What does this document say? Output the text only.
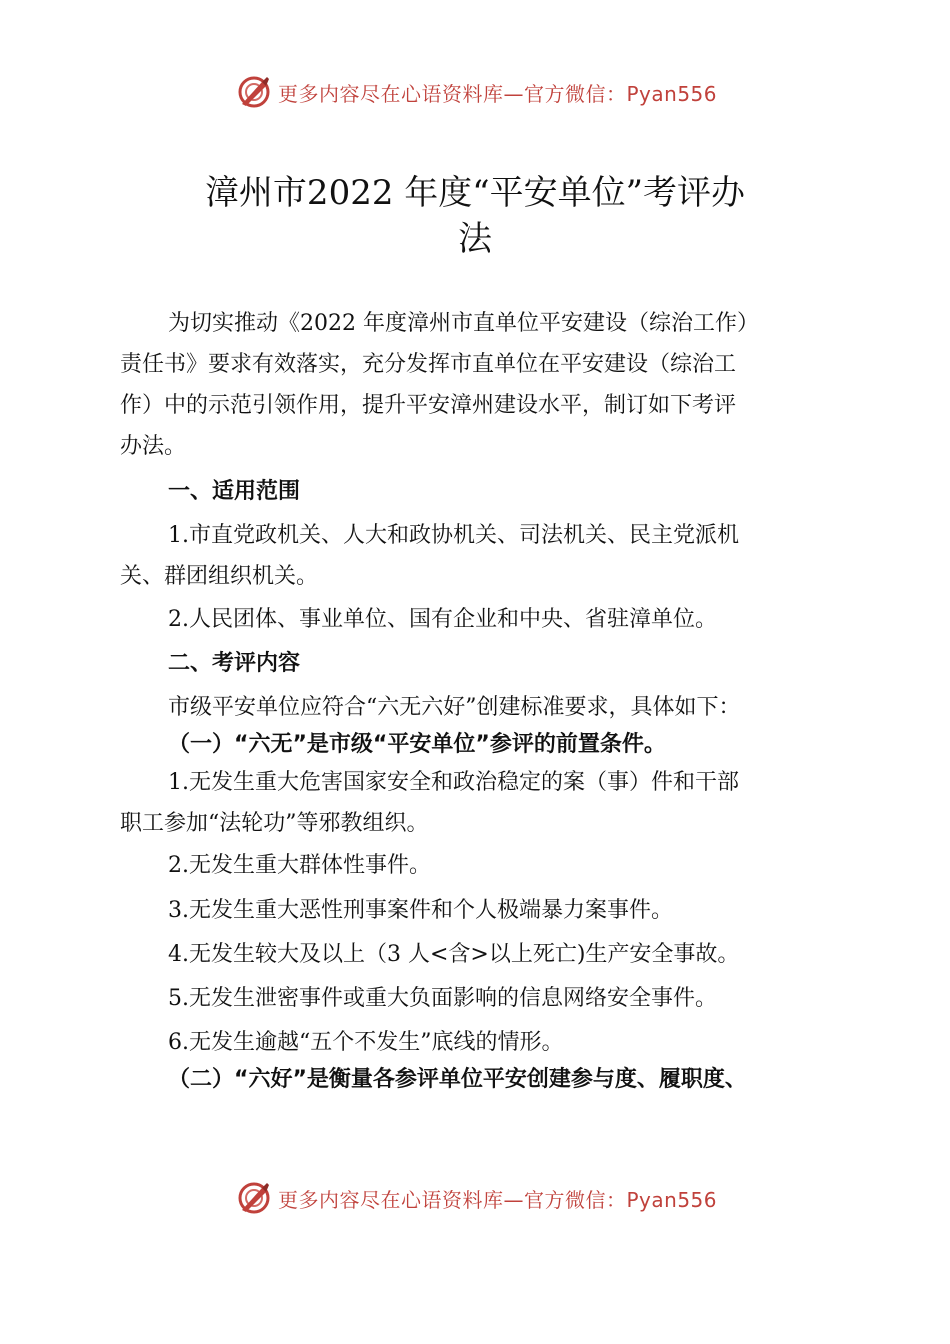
更多内容尽在心语资料库—官方微信：Pyan556
漳州市2022 年度“平安单位”考评办
法
为切实推动《2022 年度漳州市直单位平安建设（综治工作）
责任书》要求有效落实，充分发挥市直单位在平安建设（综治工
作）中的示范引领作用，提升平安漳州建设水平，制订如下考评
办法。
一、适用范围
1.市直党政机关、人大和政协机关、司法机关、民主党派机
关、群团组织机关。
2.人民团体、事业单位、国有企业和中央、省驻漳单位。
二、考评内容
市级平安单位应符合“六无六好”创建标准要求，具体如下：
（一）“六无”是市级“平安单位”参评的前置条件。
1.无发生重大危害国家安全和政治稳定的案（事）件和干部
职工参加“法轮功”等邪教组织。
2.无发生重大群体性事件。
3.无发生重大恶性刑事案件和个人极端暴力案事件。
4.无发生较大及以上（3 人<含>以上死亡)生产安全事故。
5.无发生泄密事件或重大负面影响的信息网络安全事件。
6.无发生逾越“五个不发生”底线的情形。
（二）“六好”是衡量各参评单位平安创建参与度、履职度、
更多内容尽在心语资料库—官方微信：Pyan556
